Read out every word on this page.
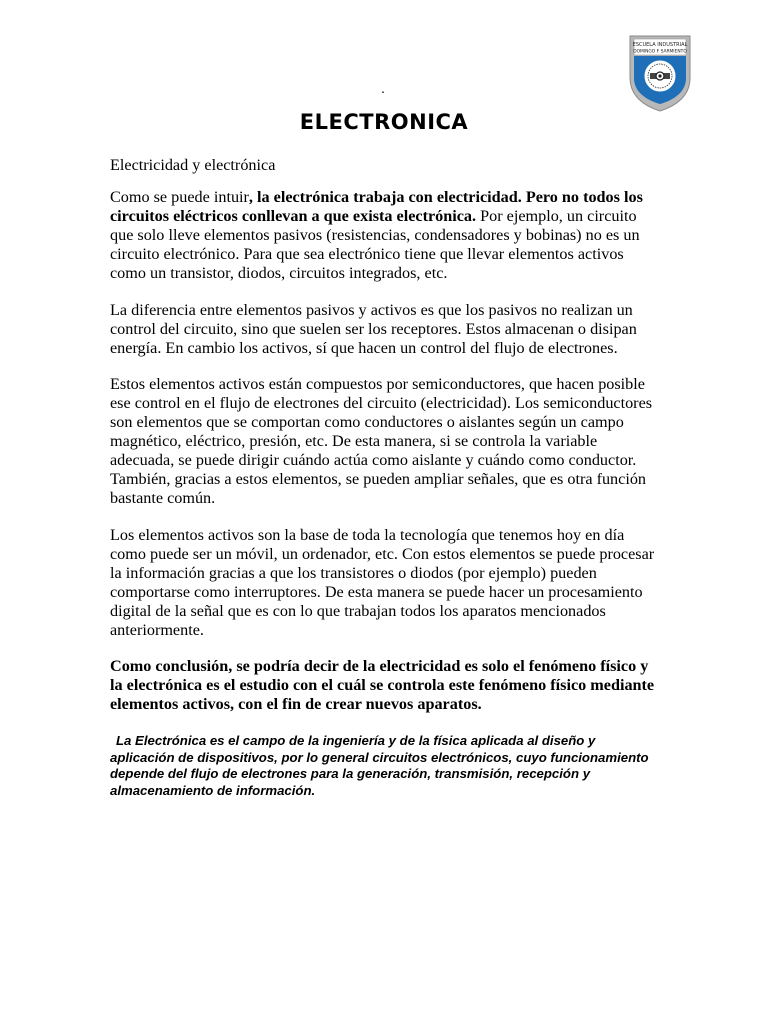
ESCUELA INDUSTRIAL
DOMINGO F SARMIENTO
.
ELECTRONICA

Electricidad y electrónica

Como se puede intuir, la electrónica trabaja con electricidad. Pero no todos los circuitos eléctricos conllevan a que exista electrónica. Por ejemplo, un circuito que solo lleve elementos pasivos (resistencias, condensadores y bobinas) no es un circuito electrónico. Para que sea electrónico tiene que llevar elementos activos como un transistor, diodos, circuitos integrados, etc.

La diferencia entre elementos pasivos y activos es que los pasivos no realizan un control del circuito, sino que suelen ser los receptores. Estos almacenan o disipan energía. En cambio los activos, sí que hacen un control del flujo de electrones.

Estos elementos activos están compuestos por semiconductores, que hacen posible ese control en el flujo de electrones del circuito (electricidad). Los semiconductores son elementos que se comportan como conductores o aislantes según un campo magnético, eléctrico, presión, etc. De esta manera, si se controla la variable adecuada, se puede dirigir cuándo actúa como aislante y cuándo como conductor. También, gracias a estos elementos, se pueden ampliar señales, que es otra función bastante común.

Los elementos activos son la base de toda la tecnología que tenemos hoy en día como puede ser un móvil, un ordenador, etc. Con estos elementos se puede procesar la información gracias a que los transistores o diodos (por ejemplo) pueden comportarse como interruptores. De esta manera se puede hacer un procesamiento digital de la señal que es con lo que trabajan todos los aparatos mencionados anteriormente.

Como conclusión, se podría decir de la electricidad es solo el fenómeno físico y la electrónica es el estudio con el cuál se controla este fenómeno físico mediante elementos activos, con el fin de crear nuevos aparatos.

La Electrónica es el campo de la ingeniería y de la física aplicada al diseño y aplicación de dispositivos, por lo general circuitos electrónicos, cuyo funcionamiento depende del flujo de electrones para la generación, transmisión, recepción y almacenamiento de información.
